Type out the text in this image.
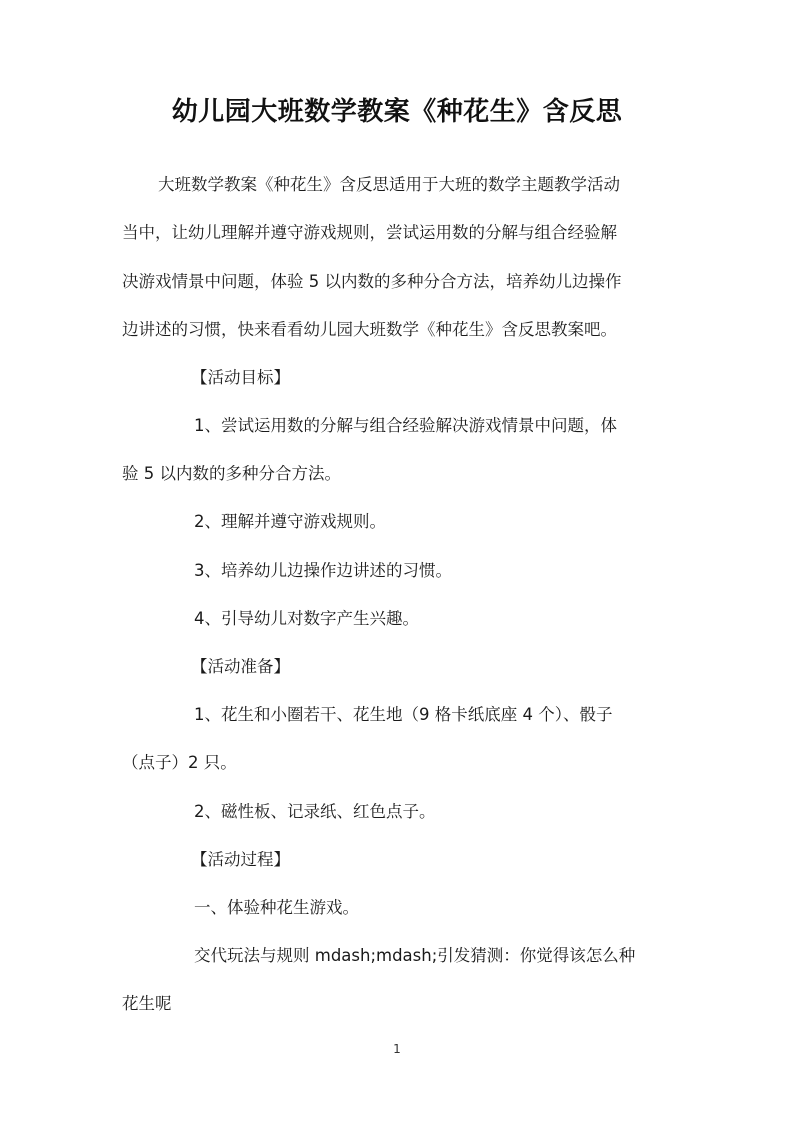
幼儿园大班数学教案《种花生》含反思
大班数学教案《种花生》含反思适用于大班的数学主题教学活动
当中，让幼儿理解并遵守游戏规则，尝试运用数的分解与组合经验解
决游戏情景中问题，体验 5 以内数的多种分合方法，培养幼儿边操作
边讲述的习惯，快来看看幼儿园大班数学《种花生》含反思教案吧。
【活动目标】
1、尝试运用数的分解与组合经验解决游戏情景中问题，体
验 5 以内数的多种分合方法。
2、理解并遵守游戏规则。
3、培养幼儿边操作边讲述的习惯。
4、引导幼儿对数字产生兴趣。
【活动准备】
1、花生和小圈若干、花生地（9 格卡纸底座 4 个）、骰子
（点子）2 只。
2、磁性板、记录纸、红色点子。
【活动过程】
一、体验种花生游戏。
交代玩法与规则 mdash;mdash;引发猜测：你觉得该怎么种
花生呢
1
